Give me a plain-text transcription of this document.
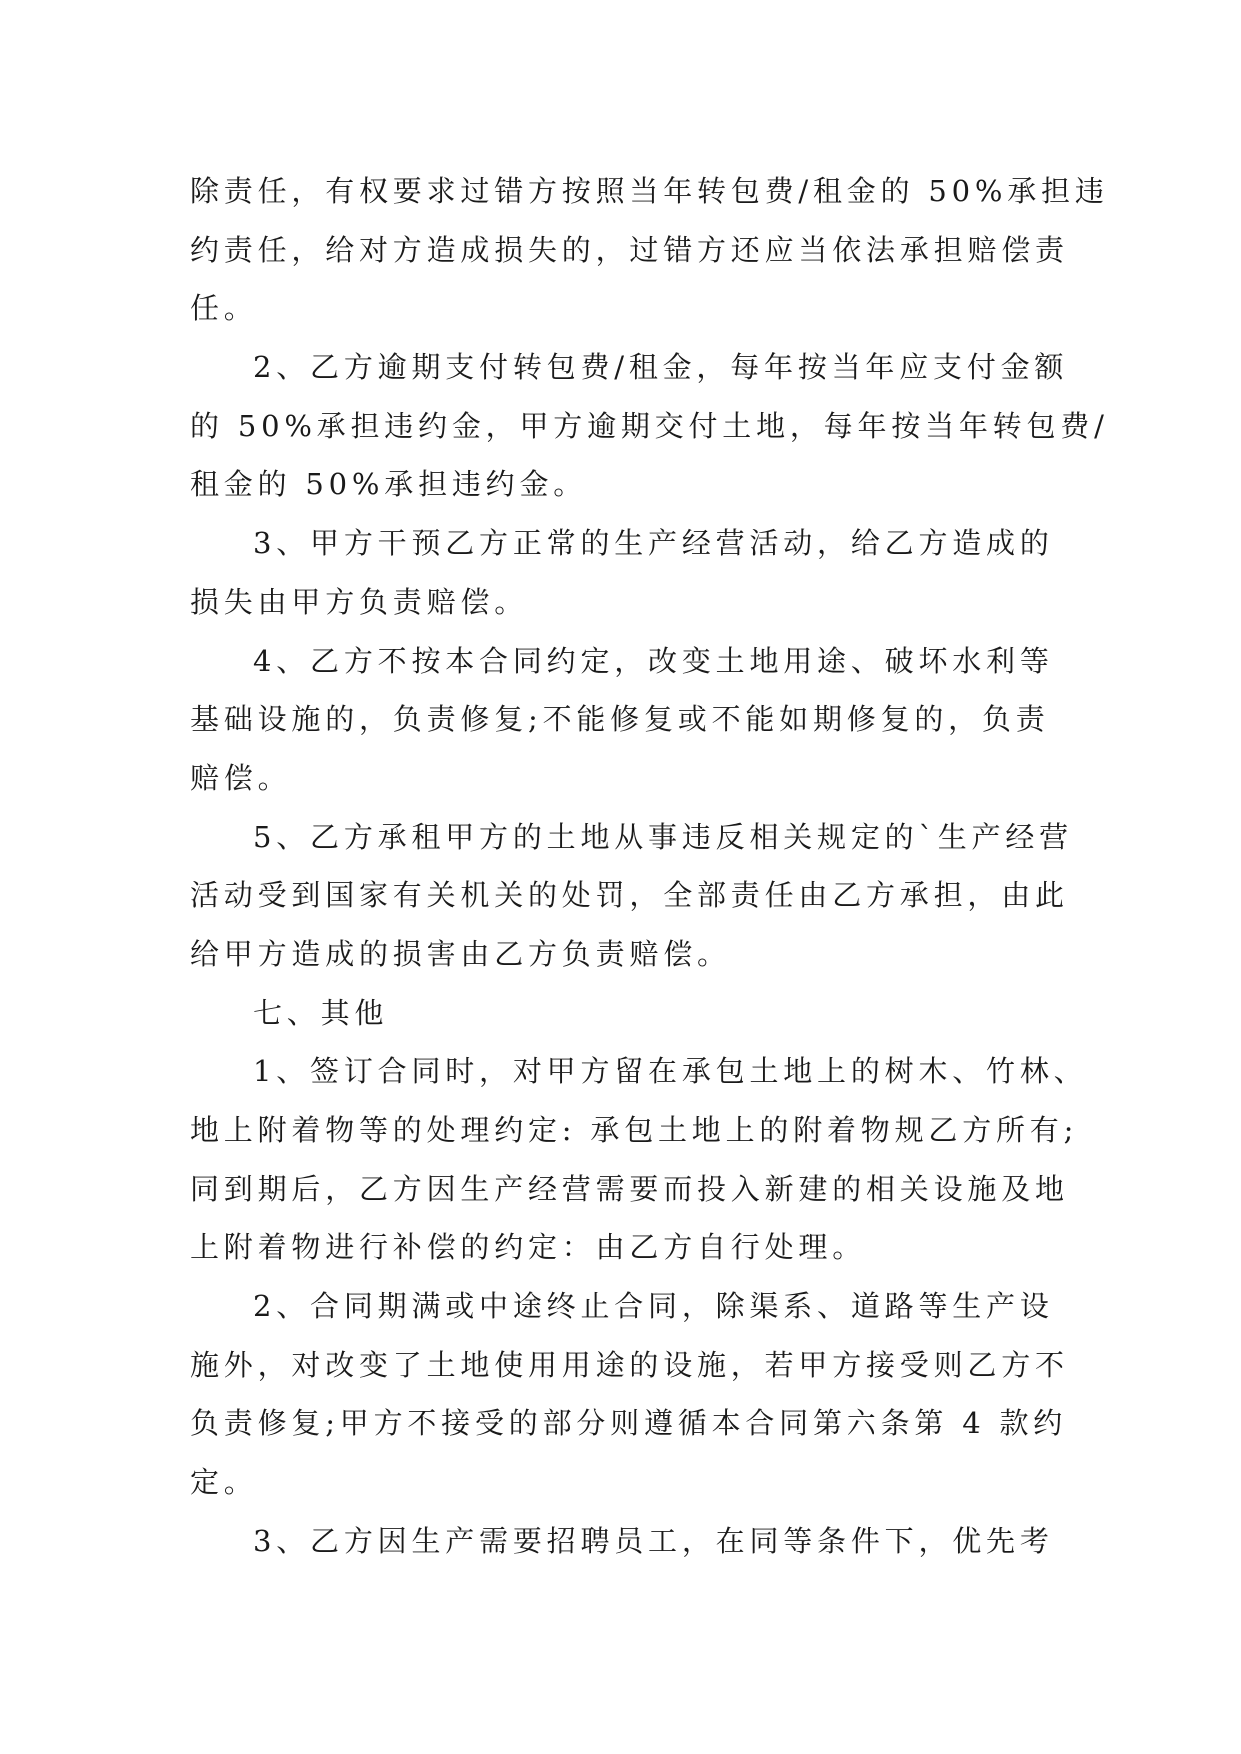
除责任，有权要求过错方按照当年转包费/租金的 50%承担违
约责任，给对方造成损失的，过错方还应当依法承担赔偿责
任。
2、乙方逾期支付转包费/租金，每年按当年应支付金额
的 50%承担违约金，甲方逾期交付土地，每年按当年转包费/
租金的 50%承担违约金。
3、甲方干预乙方正常的生产经营活动，给乙方造成的
损失由甲方负责赔偿。
4、乙方不按本合同约定，改变土地用途、破坏水利等
基础设施的，负责修复;不能修复或不能如期修复的，负责
赔偿。
5、乙方承租甲方的土地从事违反相关规定的`生产经营
活动受到国家有关机关的处罚，全部责任由乙方承担，由此
给甲方造成的损害由乙方负责赔偿。
七、其他
1、签订合同时，对甲方留在承包土地上的树木、竹林、
地上附着物等的处理约定: 承包土地上的附着物规乙方所有;
同到期后，乙方因生产经营需要而投入新建的相关设施及地
上附着物进行补偿的约定：由乙方自行处理。
2、合同期满或中途终止合同，除渠系、道路等生产设
施外，对改变了土地使用用途的设施，若甲方接受则乙方不
负责修复;甲方不接受的部分则遵循本合同第六条第 4 款约
定。
3、乙方因生产需要招聘员工，在同等条件下，优先考
